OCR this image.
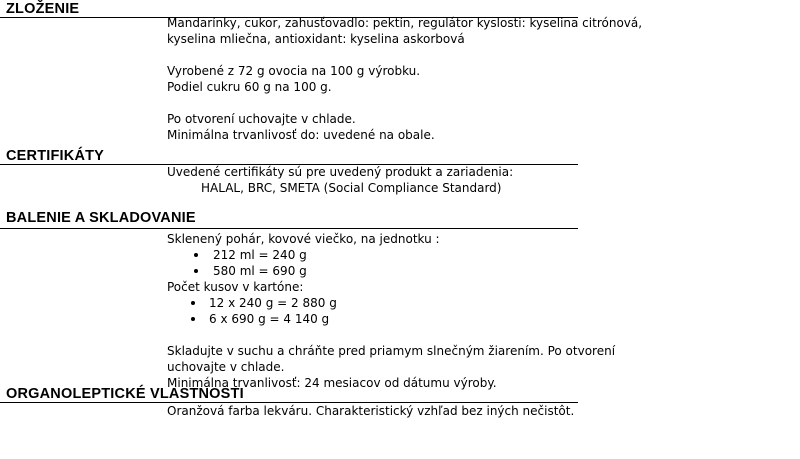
ZLOŽENIE

Mandarínky, cukor, zahusťovadlo: pektín, regulátor kyslosti: kyselina citrónová,

kyselina mliečna, antioxidant: kyselina askorbová

Vyrobené z 72 g ovocia na 100 g výrobku.

Podiel cukru 60 g na 100 g.

Po otvorení uchovajte v chlade.

Minimálna trvanlivosť do: uvedené na obale.

CERTIFIKÁTY

Uvedené certifikáty sú pre uvedený produkt a zariadenia:

HALAL, BRC, SMETA (Social Compliance Standard)

BALENIE A SKLADOVANIE

Sklenený pohár, kovové viečko, na jednotku :

212 ml = 240 g
580 ml = 690 g

Počet kusov v kartóne:

12 x 240 g = 2 880 g
6 x 690 g = 4 140 g

Skladujte v suchu a chráňte pred priamym slnečným žiarením. Po otvorení

uchovajte v chlade.

Minimálna trvanlivosť: 24 mesiacov od dátumu výroby.

ORGANOLEPTICKÉ VLASTNOSTI

Oranžová farba lekváru. Charakteristický vzhľad bez iných nečistôt.
